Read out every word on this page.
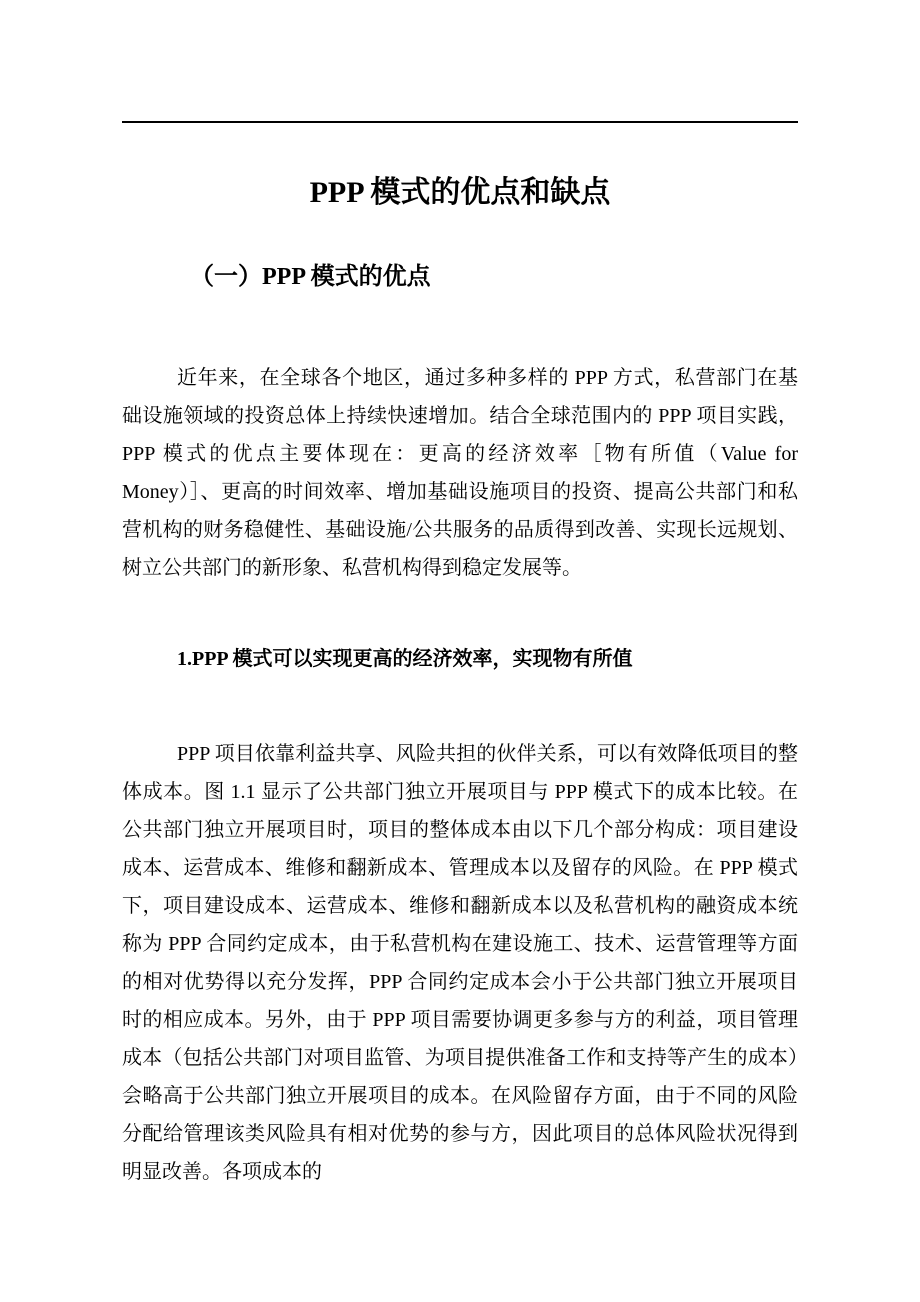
PPP 模式的优点和缺点
（一）PPP 模式的优点

近年来，在全球各个地区，通过多种多样的 PPP 方式，私营部门在基础设施领域的投资总体上持续快速增加。结合全球范围内的 PPP 项目实践，PPP 模式的优点主要体现在：更高的经济效率［物有所值（Value for Money）］、更高的时间效率、增加基础设施项目的投资、提高公共部门和私营机构的财务稳健性、基础设施/公共服务的品质得到改善、实现长远规划、树立公共部门的新形象、私营机构得到稳定发展等。

1.PPP 模式可以实现更高的经济效率，实现物有所值

PPP 项目依靠利益共享、风险共担的伙伴关系，可以有效降低项目的整体成本。图 1.1 显示了公共部门独立开展项目与 PPP 模式下的成本比较。在公共部门独立开展项目时，项目的整体成本由以下几个部分构成：项目建设成本、运营成本、维修和翻新成本、管理成本以及留存的风险。在 PPP 模式下，项目建设成本、运营成本、维修和翻新成本以及私营机构的融资成本统称为 PPP 合同约定成本，由于私营机构在建设施工、技术、运营管理等方面的相对优势得以充分发挥，PPP 合同约定成本会小于公共部门独立开展项目时的相应成本。另外，由于 PPP 项目需要协调更多参与方的利益，项目管理成本（包括公共部门对项目监管、为项目提供准备工作和支持等产生的成本）会略高于公共部门独立开展项目的成本。在风险留存方面，由于不同的风险分配给管理该类风险具有相对优势的参与方，因此项目的总体风险状况得到明显改善。各项成本的
